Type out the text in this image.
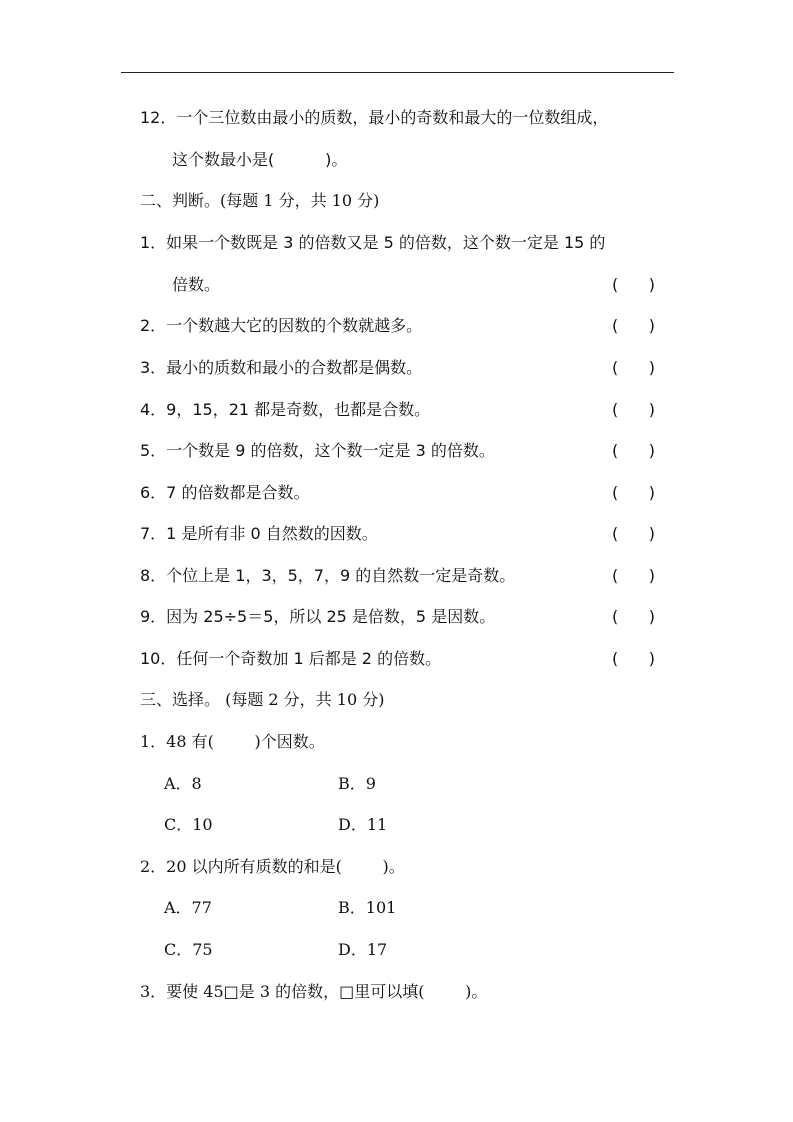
12．一个三位数由最小的质数，最小的奇数和最大的一位数组成，
这个数最小是(          )。
二、判断。(每题 1 分，共 10 分)
1．如果一个数既是 3 的倍数又是 5 的倍数，这个数一定是 15 的
倍数。	(      )
2．一个数越大它的因数的个数就越多。	(      )
3．最小的质数和最小的合数都是偶数。	(      )
4．9，15，21 都是奇数，也都是合数。	(      )
5．一个数是 9 的倍数，这个数一定是 3 的倍数。	(      )
6．7 的倍数都是合数。	(      )
7．1 是所有非 0 自然数的因数。	(      )
8．个位上是 1，3，5，7，9 的自然数一定是奇数。	(      )
9．因为 25÷5＝5，所以 25 是倍数，5 是因数。	(      )
10．任何一个奇数加 1 后都是 2 的倍数。	(      )
三、选择。 (每题 2 分，共 10 分)
1．48 有(        )个因数。
A．8	B．9
C．10	D．11
2．20 以内所有质数的和是(        )。
A．77	B．101
C．75	D．17
3．要使 45□是 3 的倍数，□里可以填(        )。
